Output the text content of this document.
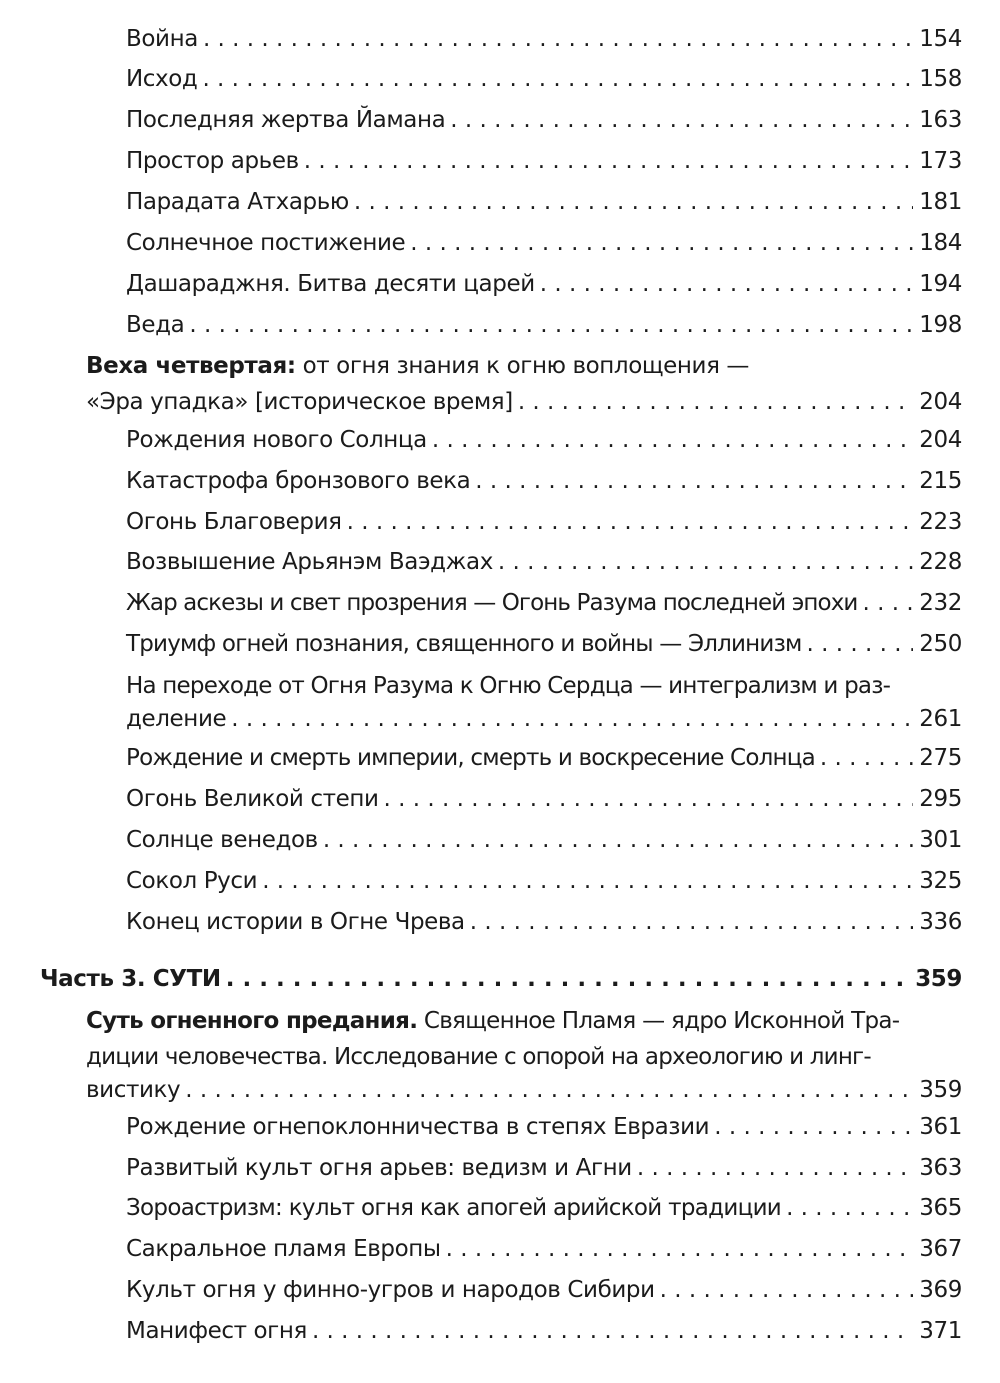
Война . . .	154
Исход . . .	158
Последняя жертва Йамана . . .	163
Простор арьев . . .	173
Парадата Атхарью . . .	181
Солнечное постижение . . .	184
Дашараджня. Битва десяти царей . . .	194
Веда . . .	198
Веха четвертая: от огня знания к огню воплощения —
«Эра упадка» [историческое время] . . .	204
Рождения нового Солнца . . .	204
Катастрофа бронзового века . . .	215
Огонь Благоверия . . .	223
Возвышение Арьянэм Ваэджах . . .	228
Жар аскезы и свет прозрения — Огонь Разума последней эпохи . . .	232
Триумф огней познания, священного и войны — Эллинизм . . .	250
На переходе от Огня Разума к Огню Сердца — интегрализм и раз-
деление . . .	261
Рождение и смерть империи, смерть и воскресение Солнца . . .	275
Огонь Великой степи . . .	295
Солнце венедов . . .	301
Сокол Руси . . .	325
Конец истории в Огне Чрева . . .	336
Часть 3. СУТИ . . .	359
Суть огненного предания. Священное Пламя — ядро Исконной Тра-
диции человечества. Исследование с опорой на археологию и линг-
вистику . . .	359
Рождение огнепоклонничества в степях Евразии . . .	361
Развитый культ огня арьев: ведизм и Агни . . .	363
Зороастризм: культ огня как апогей арийской традиции . . .	365
Сакральное пламя Европы . . .	367
Культ огня у финно-угров и народов Сибири . . .	369
Манифест огня . . .	371
